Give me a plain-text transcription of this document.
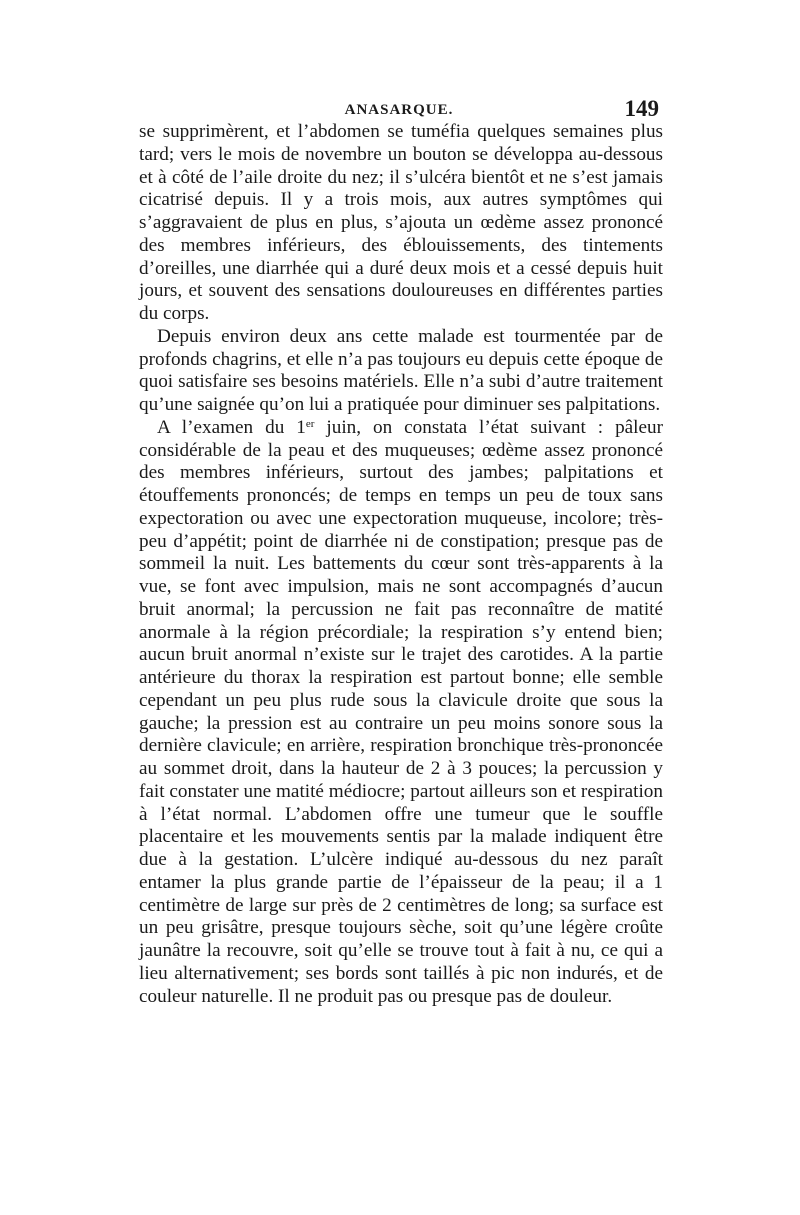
ANASARQUE.	149

se supprimèrent, et l’abdomen se tuméfia quelques semaines plus tard; vers le mois de novembre un bouton se développa au-dessous et à côté de l’aile droite du nez; il s’ulcéra bientôt et ne s’est jamais cicatrisé depuis. Il y a trois mois, aux autres symptômes qui s’aggravaient de plus en plus, s’ajouta un œdème assez prononcé des membres inférieurs, des éblouissements, des tintements d’oreilles, une diarrhée qui a duré deux mois et a cessé depuis huit jours, et souvent des sensations douloureuses en différentes parties du corps.

Depuis environ deux ans cette malade est tourmentée par de profonds chagrins, et elle n’a pas toujours eu depuis cette époque de quoi satisfaire ses besoins matériels. Elle n’a subi d’autre traitement qu’une saignée qu’on lui a pratiquée pour diminuer ses palpitations.

A l’examen du 1er juin, on constata l’état suivant : pâleur considérable de la peau et des muqueuses; œdème assez prononcé des membres inférieurs, surtout des jambes; palpitations et étouffements prononcés; de temps en temps un peu de toux sans expectoration ou avec une expectoration muqueuse, incolore; très-peu d’appétit; point de diarrhée ni de constipation; presque pas de sommeil la nuit. Les battements du cœur sont très-apparents à la vue, se font avec impulsion, mais ne sont accompagnés d’aucun bruit anormal; la percussion ne fait pas reconnaître de matité anormale à la région précordiale; la respiration s’y entend bien; aucun bruit anormal n’existe sur le trajet des carotides. A la partie antérieure du thorax la respiration est partout bonne; elle semble cependant un peu plus rude sous la clavicule droite que sous la gauche; la pression est au contraire un peu moins sonore sous la dernière clavicule; en arrière, respiration bronchique très-prononcée au sommet droit, dans la hauteur de 2 à 3 pouces; la percussion y fait constater une matité médiocre; partout ailleurs son et respiration à l’état normal. L’abdomen offre une tumeur que le souffle placentaire et les mouvements sentis par la malade indiquent être due à la gestation. L’ulcère indiqué au-dessous du nez paraît entamer la plus grande partie de l’épaisseur de la peau; il a 1 centimètre de large sur près de 2 centimètres de long; sa surface est un peu grisâtre, presque toujours sèche, soit qu’une légère croûte jaunâtre la recouvre, soit qu’elle se trouve tout à fait à nu, ce qui a lieu alternativement; ses bords sont taillés à pic non indurés, et de couleur naturelle. Il ne produit pas ou presque pas de douleur.
